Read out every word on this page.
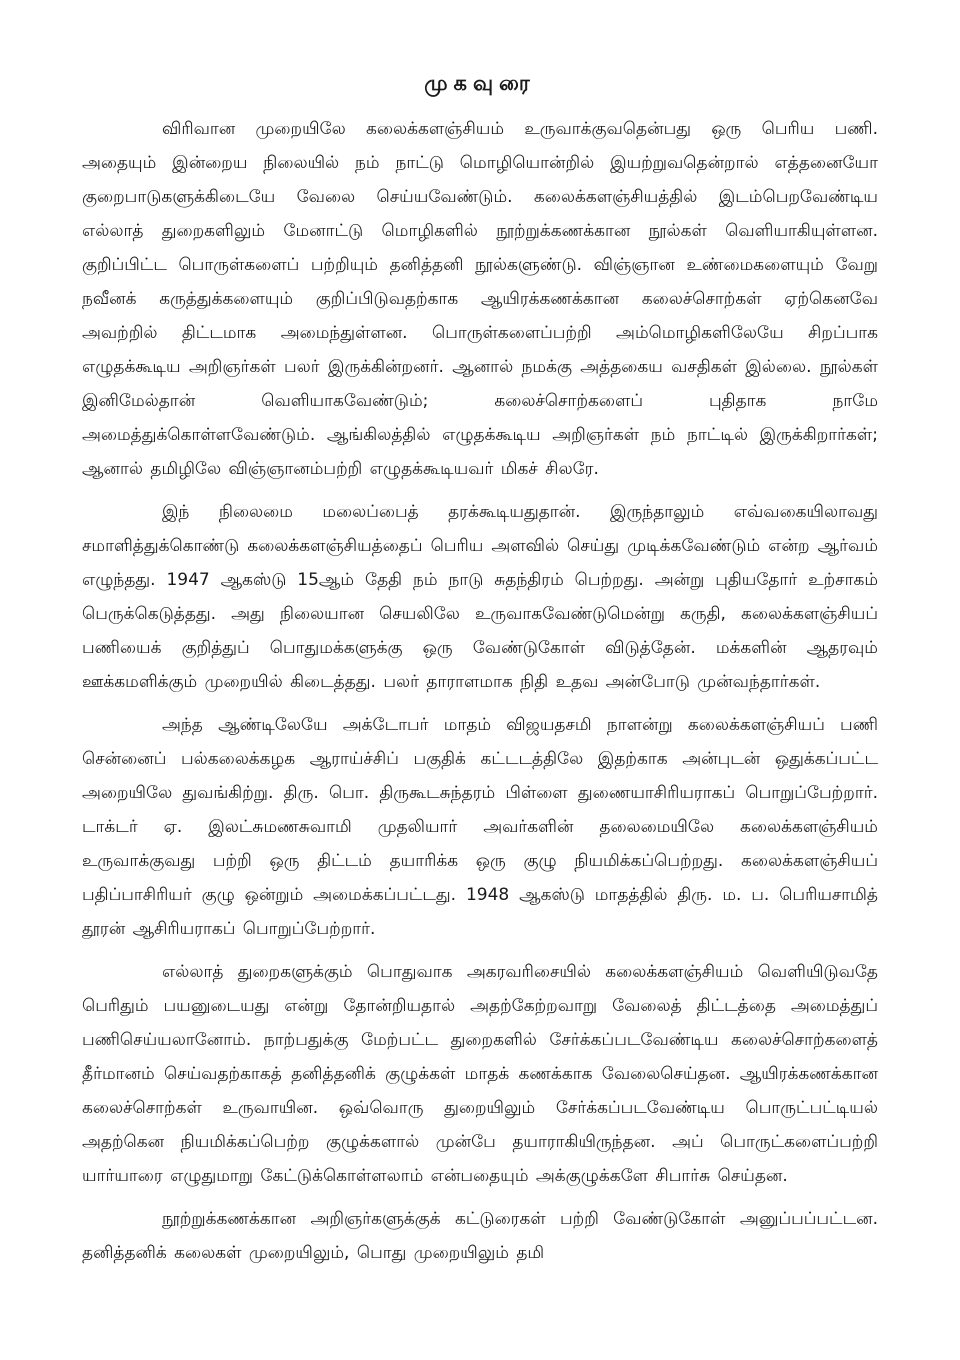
முகவுரை

விரிவான முறையிலே கலைக்களஞ்சியம் உருவாக்குவதென்பது ஒரு பெரிய பணி. அதையும் இன்றைய நிலையில் நம் நாட்டு மொழியொன்றில் இயற்றுவதென்றால் எத்தனையோ குறைபாடுகளுக்கிடையே வேலை செய்யவேண்டும். கலைக்களஞ்சியத்தில் இடம்பெறவேண்டிய எல்லாத் துறைகளிலும் மேனாட்டு மொழிகளில் நூற்றுக்கணக்கான நூல்கள் வெளியாகியுள்ளன. குறிப்பிட்ட பொருள்களைப் பற்றியும் தனித்தனி நூல்களுண்டு. விஞ்ஞான உண்மைகளையும் வேறு நவீனக் கருத்துக்களையும் குறிப்பிடுவதற்காக ஆயிரக்கணக்கான கலைச்சொற்கள் ஏற்கெனவே அவற்றில் திட்டமாக அமைந்துள்ளன. பொருள்களைப்பற்றி அம்மொழிகளிலேயே சிறப்பாக எழுதக்கூடிய அறிஞர்கள் பலர் இருக்கின்றனர். ஆனால் நமக்கு அத்தகைய வசதிகள் இல்லை. நூல்கள் இனிமேல்தான் வெளியாகவேண்டும்; கலைச்சொற்களைப் புதிதாக நாமே அமைத்துக்கொள்ளவேண்டும். ஆங்கிலத்தில் எழுதக்கூடிய அறிஞர்கள் நம் நாட்டில் இருக்கிறார்கள்; ஆனால் தமிழிலே விஞ்ஞானம்பற்றி எழுதக்கூடியவர் மிகச் சிலரே.

இந் நிலைமை மலைப்பைத் தரக்கூடியதுதான். இருந்தாலும் எவ்வகையிலாவது சமாளித்துக்கொண்டு கலைக்களஞ்சியத்தைப் பெரிய அளவில் செய்து முடிக்கவேண்டும் என்ற ஆர்வம் எழுந்தது. 1947 ஆகஸ்டு 15ஆம் தேதி நம் நாடு சுதந்திரம் பெற்றது. அன்று புதியதோர் உற்சாகம் பெருக்கெடுத்தது. அது நிலையான செயலிலே உருவாகவேண்டுமென்று கருதி, கலைக்களஞ்சியப் பணியைக் குறித்துப் பொதுமக்களுக்கு ஒரு வேண்டுகோள் விடுத்தேன். மக்களின் ஆதரவும் ஊக்கமளிக்கும் முறையில் கிடைத்தது. பலர் தாராளமாக நிதி உதவ அன்போடு முன்வந்தார்கள்.

அந்த ஆண்டிலேயே அக்டோபர் மாதம் விஜயதசமி நாளன்று கலைக்களஞ்சியப் பணி சென்னைப் பல்கலைக்கழக ஆராய்ச்சிப் பகுதிக் கட்டடத்திலே இதற்காக அன்புடன் ஒதுக்கப்பட்ட அறையிலே துவங்கிற்று. திரு. பொ. திருகூடசுந்தரம் பிள்ளை துணையாசிரியராகப் பொறுப்பேற்றார். டாக்டர் ஏ. இலட்சுமணசுவாமி முதலியார் அவர்களின் தலைமையிலே கலைக்களஞ்சியம் உருவாக்குவது பற்றி ஒரு திட்டம் தயாரிக்க ஒரு குழு நியமிக்கப்பெற்றது. கலைக்களஞ்சியப் பதிப்பாசிரியர் குழு ஒன்றும் அமைக்கப்பட்டது. 1948 ஆகஸ்டு மாதத்தில் திரு. ம. ப. பெரியசாமித் தூரன் ஆசிரியராகப் பொறுப்பேற்றார்.

எல்லாத் துறைகளுக்கும் பொதுவாக அகரவரிசையில் கலைக்களஞ்சியம் வெளியிடுவதே பெரிதும் பயனுடையது என்று தோன்றியதால் அதற்கேற்றவாறு வேலைத் திட்டத்தை அமைத்துப் பணிசெய்யலானோம். நாற்பதுக்கு மேற்பட்ட துறைகளில் சேர்க்கப்படவேண்டிய கலைச்சொற்களைத் தீர்மானம் செய்வதற்காகத் தனித்தனிக் குழுக்கள் மாதக் கணக்காக வேலைசெய்தன. ஆயிரக்கணக்கான கலைச்சொற்கள் உருவாயின. ஒவ்வொரு துறையிலும் சேர்க்கப்படவேண்டிய பொருட்பட்டியல் அதற்கென நியமிக்கப்பெற்ற குழுக்களால் முன்பே தயாராகியிருந்தன. அப் பொருட்களைப்பற்றி யார்யாரை எழுதுமாறு கேட்டுக்கொள்ளலாம் என்பதையும் அக்குழுக்களே சிபார்சு செய்தன.

நூற்றுக்கணக்கான அறிஞர்களுக்குக் கட்டுரைகள் பற்றி வேண்டுகோள் அனுப்பப்பட்டன. தனித்தனிக் கலைகள் முறையிலும், பொது முறையிலும் தமி
